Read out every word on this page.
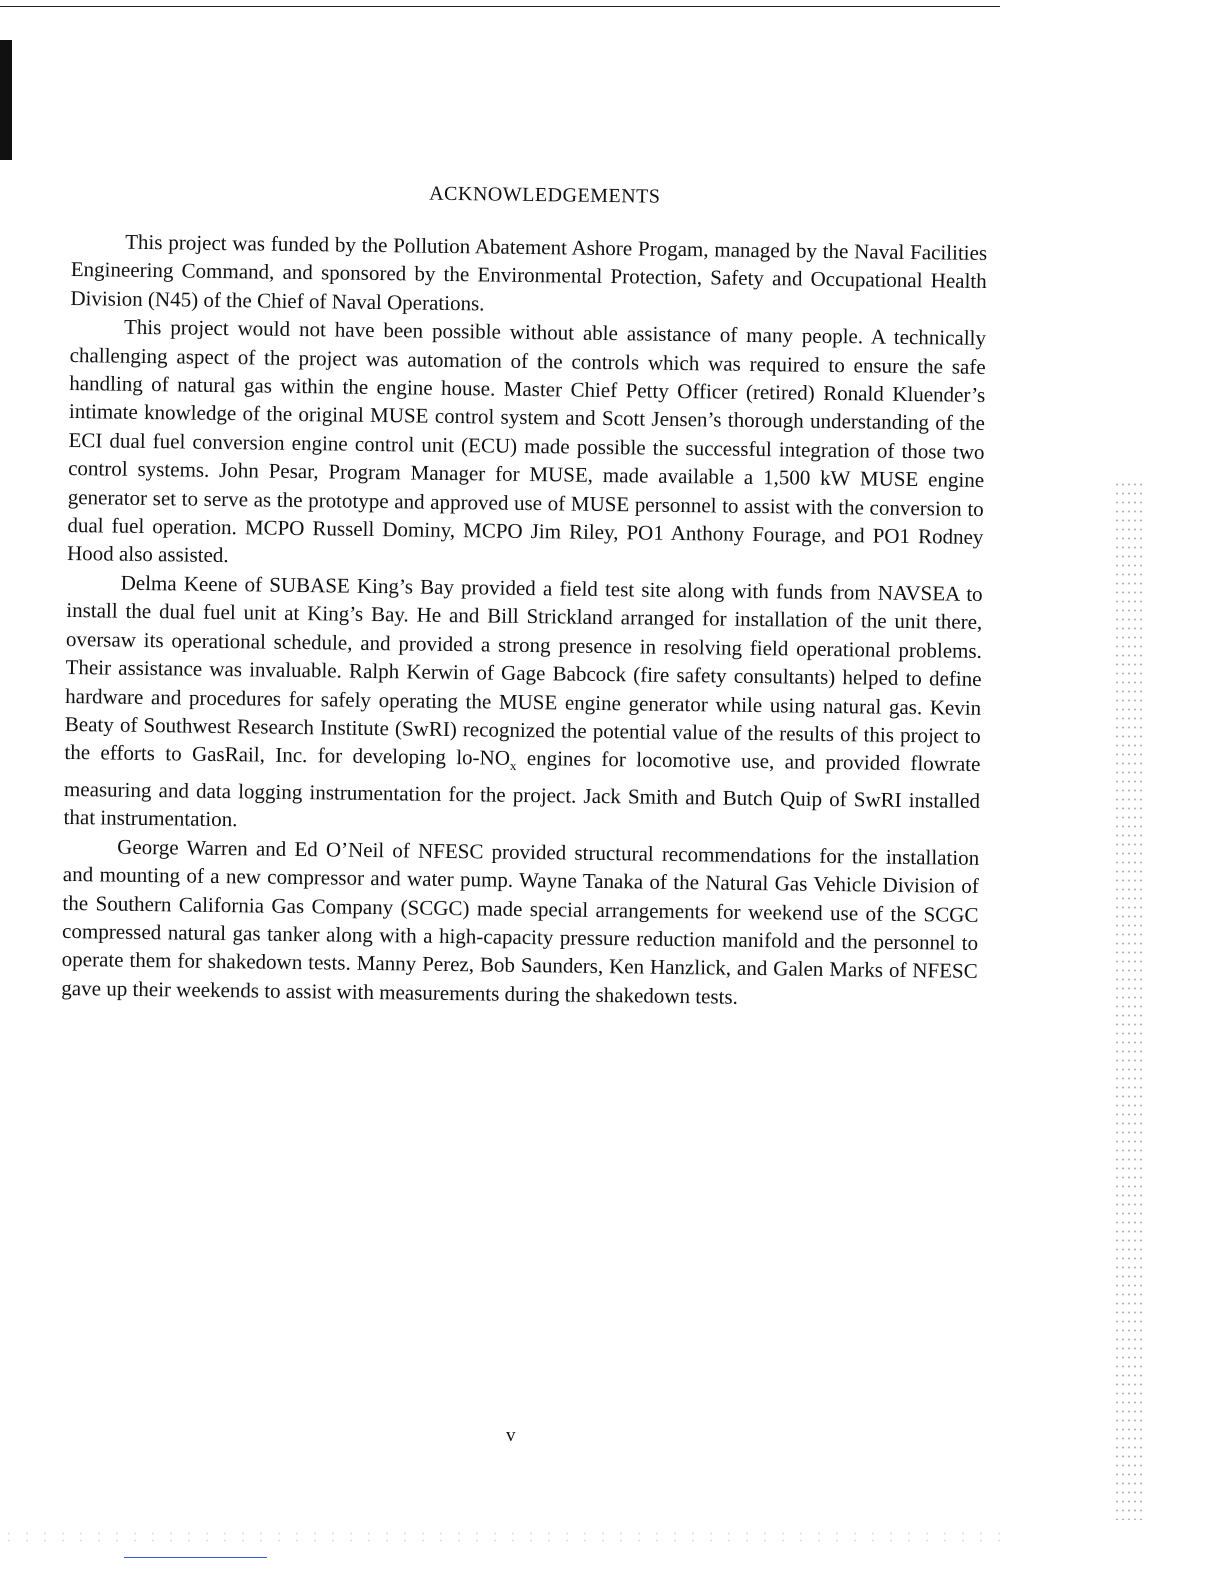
ACKNOWLEDGEMENTS

This project was funded by the Pollution Abatement Ashore Progam, managed by the Naval Facilities Engineering Command, and sponsored by the Environmental Protection, Safety and Occupational Health Division (N45) of the Chief of Naval Operations.

This project would not have been possible without able assistance of many people. A technically challenging aspect of the project was automation of the controls which was required to ensure the safe handling of natural gas within the engine house. Master Chief Petty Officer (retired) Ronald Kluender’s intimate knowledge of the original MUSE control system and Scott Jensen’s thorough understanding of the ECI dual fuel conversion engine control unit (ECU) made possible the successful integration of those two control systems. John Pesar, Program Manager for MUSE, made available a 1,500 kW MUSE engine generator set to serve as the prototype and approved use of MUSE personnel to assist with the conversion to dual fuel operation. MCPO Russell Dominy, MCPO Jim Riley, PO1 Anthony Fourage, and PO1 Rodney Hood also assisted.

Delma Keene of SUBASE King’s Bay provided a field test site along with funds from NAVSEA to install the dual fuel unit at King’s Bay. He and Bill Strickland arranged for installation of the unit there, oversaw its operational schedule, and provided a strong presence in resolving field operational problems. Their assistance was invaluable. Ralph Kerwin of Gage Babcock (fire safety consultants) helped to define hardware and procedures for safely operating the MUSE engine generator while using natural gas. Kevin Beaty of Southwest Research Institute (SwRI) recognized the potential value of the results of this project to the efforts to GasRail, Inc. for developing $lo-NO_x$ engines for locomotive use, and provided flowrate measuring and data logging instrumentation for the project. Jack Smith and Butch Quip of SwRI installed that instrumentation.

George Warren and Ed O’Neil of NFESC provided structural recommendations for the installation and mounting of a new compressor and water pump. Wayne Tanaka of the Natural Gas Vehicle Division of the Southern California Gas Company (SCGC) made special arrangements for weekend use of the SCGC compressed natural gas tanker along with a high-capacity pressure reduction manifold and the personnel to operate them for shakedown tests. Manny Perez, Bob Saunders, Ken Hanzlick, and Galen Marks of NFESC gave up their weekends to assist with measurements during the shakedown tests.

v
